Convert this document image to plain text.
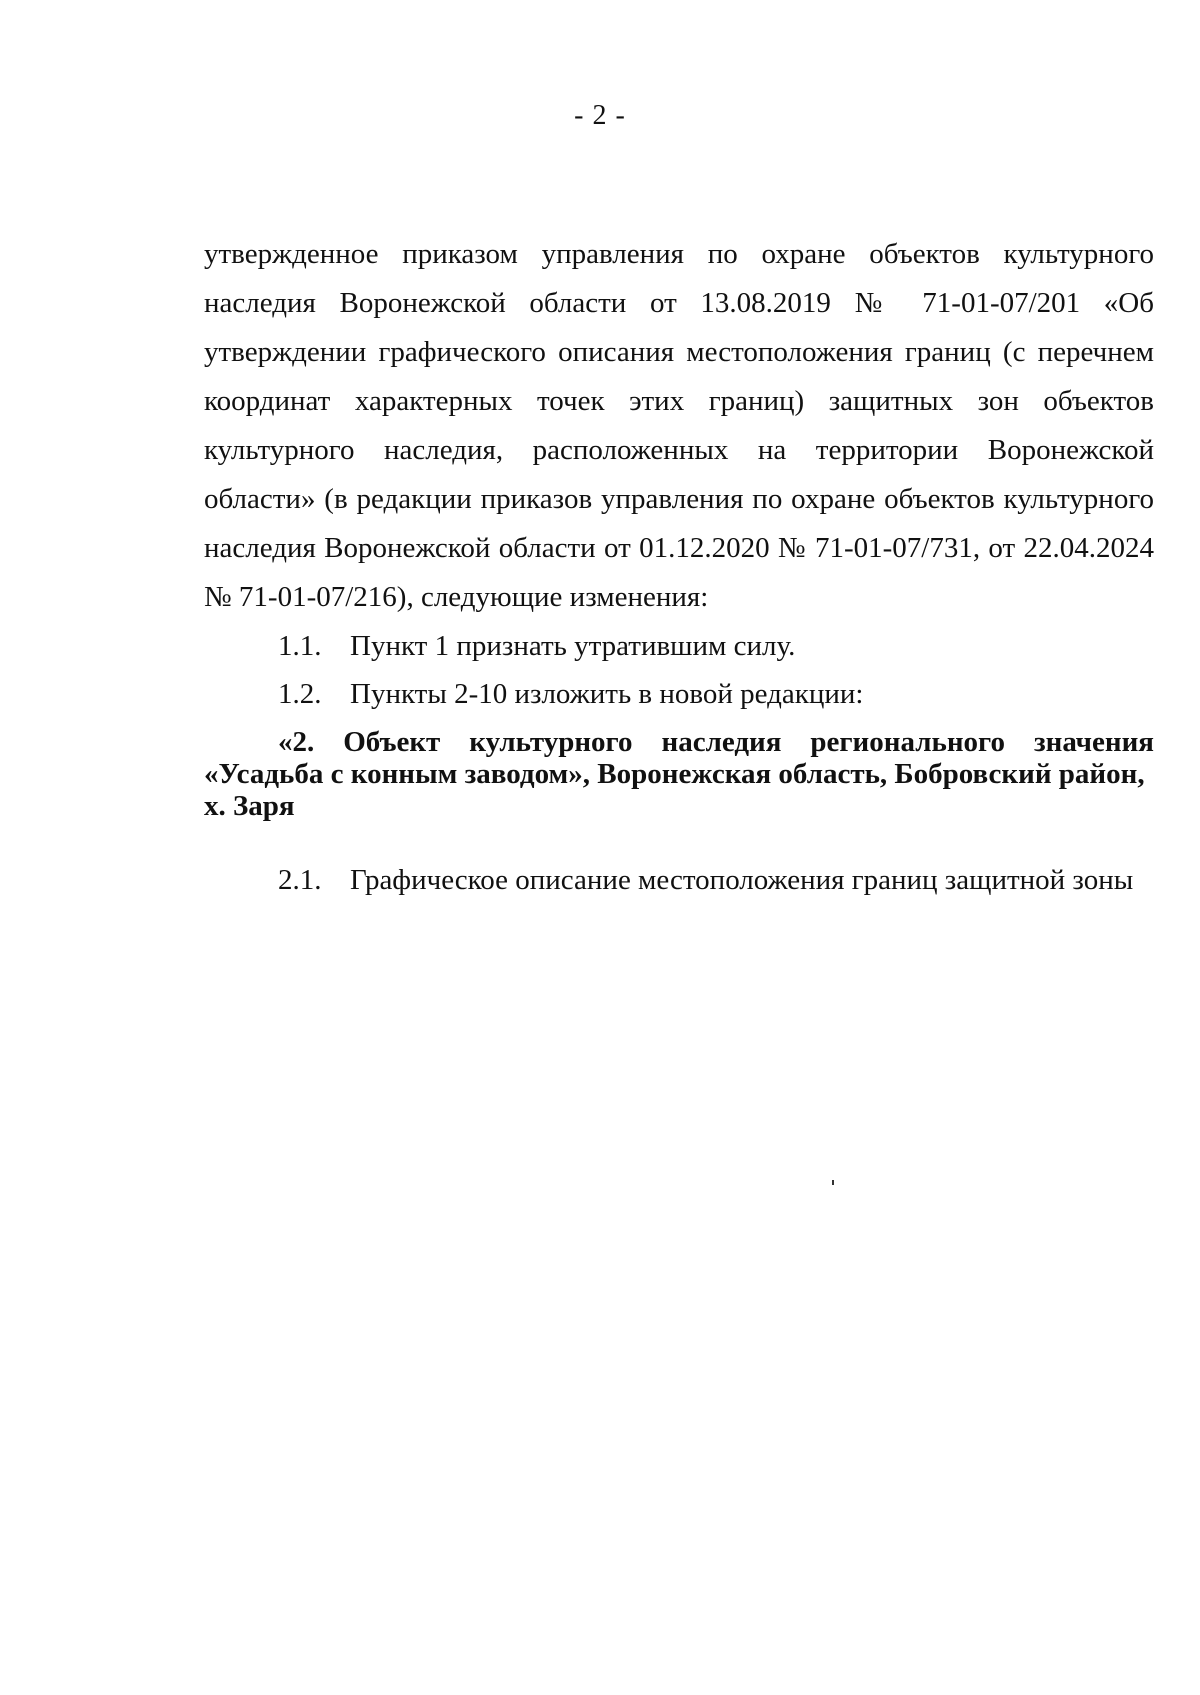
- 2 -

утвержденное приказом управления по охране объектов культурного наследия Воронежской области от 13.08.2019 № 71-01-07/201 «Об утверждении графического описания местоположения границ (с перечнем координат характерных точек этих границ) защитных зон объектов культурного наследия, расположенных на территории Воронежской области» (в редакции приказов управления по охране объектов культурного наследия Воронежской области от 01.12.2020 № 71-01-07/731, от 22.04.2024 № 71-01-07/216), следующие изменения:

1.1. Пункт 1 признать утратившим силу.

1.2. Пункты 2-10 изложить в новой редакции:

«2. Объект культурного наследия регионального значения «Усадьба с конным заводом», Воронежская область, Бобровский район,
х. Заря

2.1. Графическое описание местоположения границ защитной зоны
